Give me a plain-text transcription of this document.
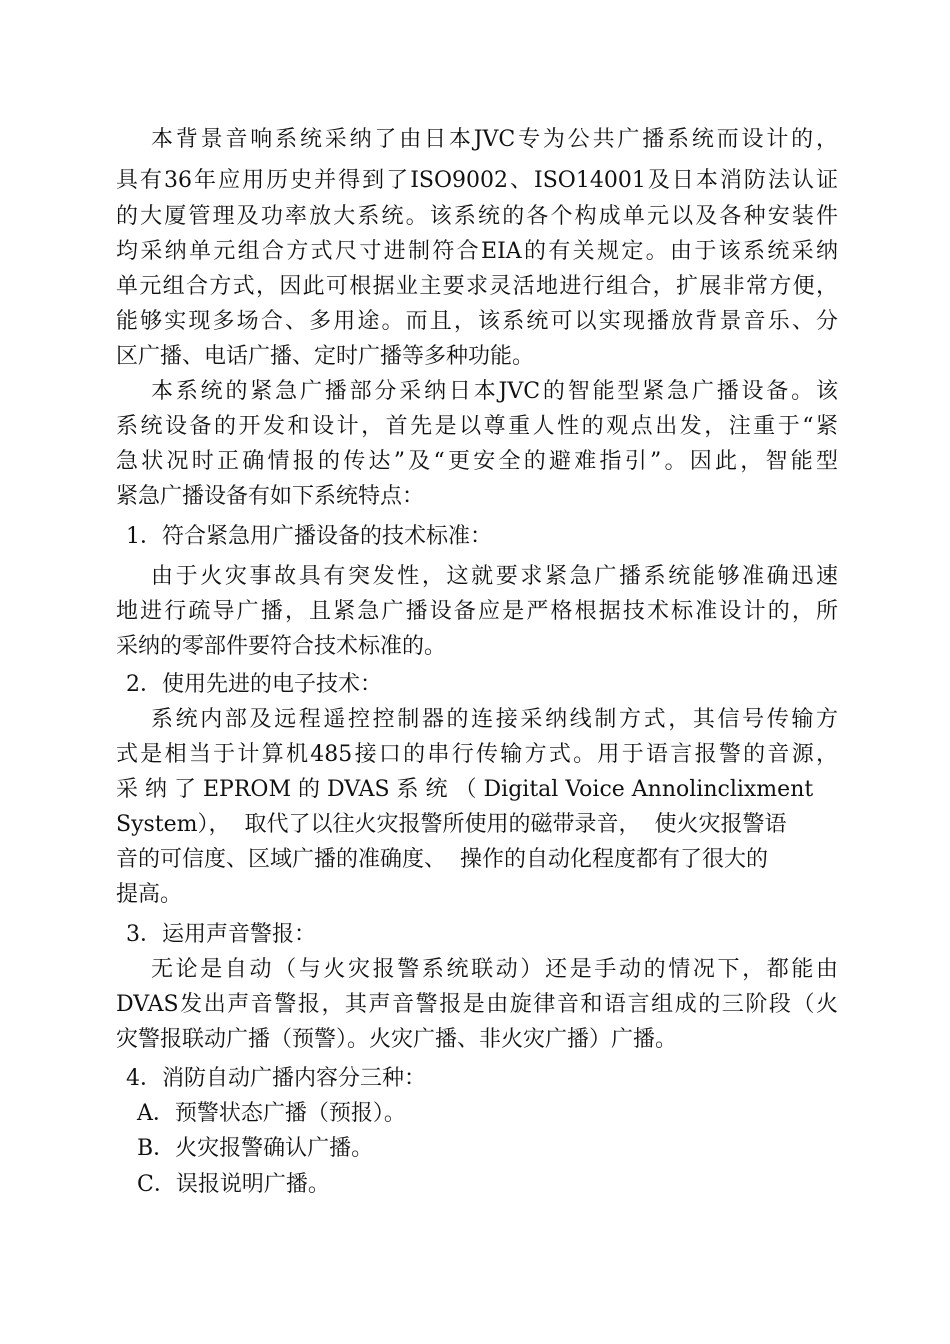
本背景音响系统采纳了由日本JVC专为公共广播系统而设计的，
具有36年应用历史并得到了ISO9002、ISO14001及日本消防法认证
的大厦管理及功率放大系统。该系统的各个构成单元以及各种安装件
均采纳单元组合方式尺寸进制符合EIA的有关规定。由于该系统采纳
单元组合方式，因此可根据业主要求灵活地进行组合，扩展非常方便，
能够实现多场合、多用途。而且，该系统可以实现播放背景音乐、分
区广播、电话广播、定时广播等多种功能。
本系统的紧急广播部分采纳日本JVC的智能型紧急广播设备。该
系统设备的开发和设计，首先是以尊重人性的观点出发，注重于“紧
急状况时正确情报的传达”及“更安全的避难指引”。因此，智能型
紧急广播设备有如下系统特点：
1．符合紧急用广播设备的技术标准：
由于火灾事故具有突发性，这就要求紧急广播系统能够准确迅速
地进行疏导广播，且紧急广播设备应是严格根据技术标准设计的，所
采纳的零部件要符合技术标准的。
2．使用先进的电子技术：
系统内部及远程遥控控制器的连接采纳线制方式，其信号传输方
式是相当于计算机485接口的串行传输方式。用于语言报警的音源，
采 纳 了 EPROM 的 DVAS 系 统 （ Digital Voice Annolinclixment
System），  取代了以往火灾报警所使用的磁带录音，  使火灾报警语
音的可信度、区域广播的准确度、  操作的自动化程度都有了很大的
提高。
3．运用声音警报：
无论是自动（与火灾报警系统联动）还是手动的情况下，都能由
DVAS发出声音警报，其声音警报是由旋律音和语言组成的三阶段（火
灾警报联动广播（预警）。火灾广播、非火灾广播）广播。
4．消防自动广播内容分三种：
A．预警状态广播（预报）。
B．火灾报警确认广播。
C．误报说明广播。
